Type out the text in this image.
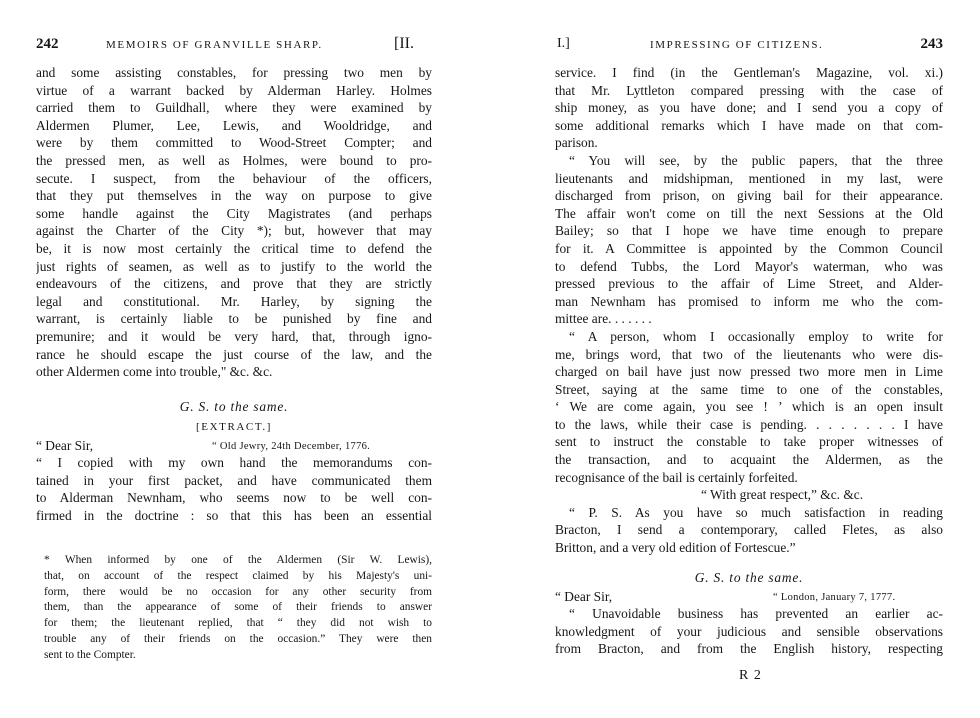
242	MEMOIRS OF GRANVILLE SHARP.	[II.
and some assisting constables, for pressing two men by
virtue of a warrant backed by Alderman Harley. Holmes
carried them to Guildhall, where they were examined by
Aldermen Plumer, Lee, Lewis, and Wooldridge, and
were by them committed to Wood-Street Compter; and
the pressed men, as well as Holmes, were bound to pro-
secute. I suspect, from the behaviour of the officers,
that they put themselves in the way on purpose to give
some handle against the City Magistrates (and perhaps
against the Charter of the City *); but, however that may
be, it is now most certainly the critical time to defend the
just rights of seamen, as well as to justify to the world the
endeavours of the citizens, and prove that they are strictly
legal and constitutional. Mr. Harley, by signing the
warrant, is certainly liable to be punished by fine and
premunire; and it would be very hard, that, through igno-
rance he should escape the just course of the law, and the
other Aldermen come into trouble," &c. &c.
G. S. to the same.
[EXTRACT.]
“ Dear Sir,	“ Old Jewry, 24th December, 1776.
“ I copied with my own hand the memorandums con-
tained in your first packet, and have communicated them
to Alderman Newnham, who seems now to be well con-
firmed in the doctrine : so that this has been an essential
* When informed by one of the Aldermen (Sir W. Lewis),
that, on account of the respect claimed by his Majesty's uni-
form, there would be no occasion for any other security from
them, than the appearance of some of their friends to answer
for them; the lieutenant replied, that “ they did not wish to
trouble any of their friends on the occasion.” They were then
sent to the Compter.
I.]	IMPRESSING OF CITIZENS.	243
service. I find (in the Gentleman's Magazine, vol. xi.)
that Mr. Lyttleton compared pressing with the case of
ship money, as you have done; and I send you a copy of
some additional remarks which I have made on that com-
parison.
“ You will see, by the public papers, that the three
lieutenants and midshipman, mentioned in my last, were
discharged from prison, on giving bail for their appearance.
The affair won't come on till the next Sessions at the Old
Bailey; so that I hope we have time enough to prepare
for it. A Committee is appointed by the Common Council
to defend Tubbs, the Lord Mayor's waterman, who was
pressed previous to the affair of Lime Street, and Alder-
man Newnham has promised to inform me who the com-
mittee are. . . . . . .
“ A person, whom I occasionally employ to write for
me, brings word, that two of the lieutenants who were dis-
charged on bail have just now pressed two more men in Lime
Street, saying at the same time to one of the constables,
‘ We are come again, you see ! ’ which is an open insult
to the laws, while their case is pending. . . . . . . . I have
sent to instruct the constable to take proper witnesses of
the transaction, and to acquaint the Aldermen, as the
recognisance of the bail is certainly forfeited.
“ With great respect,” &c. &c.
“ P. S. As you have so much satisfaction in reading
Bracton, I send a contemporary, called Fletes, as also
Britton, and a very old edition of Fortescue.”
G. S. to the same.
“ Dear Sir,	“ London, January 7, 1777.
“ Unavoidable business has prevented an earlier ac-
knowledgment of your judicious and sensible observations
from Bracton, and from the English history, respecting
R 2
